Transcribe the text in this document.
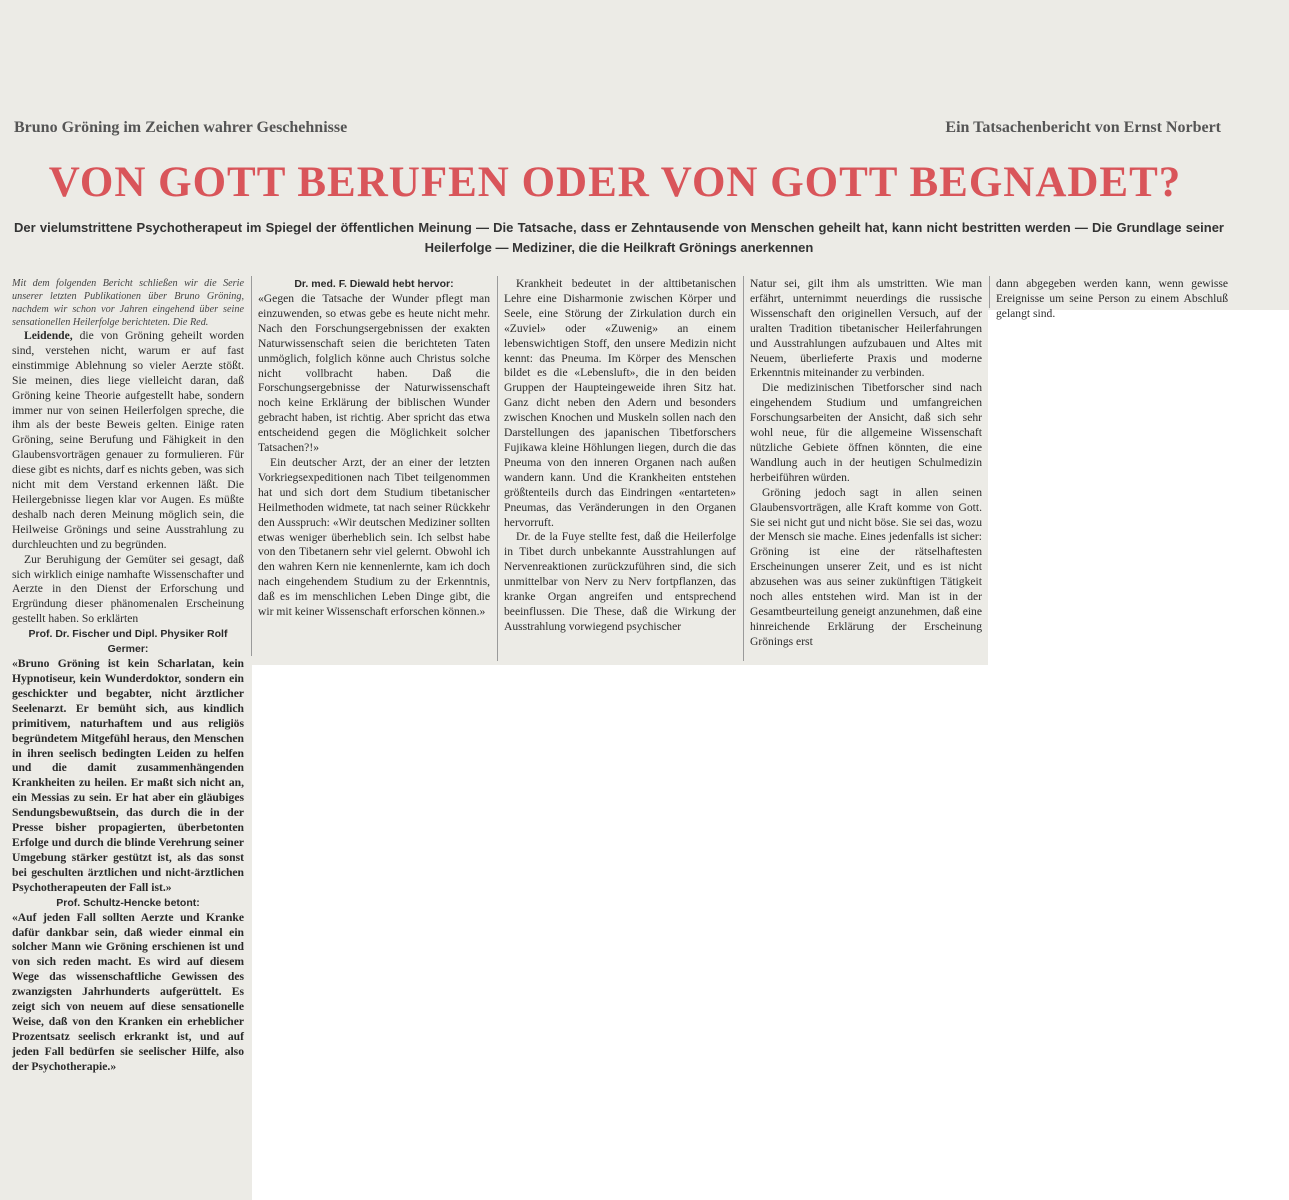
Bruno Gröning im Zeichen wahrer Geschehnisse	Ein Tatsachenbericht von Ernst Norbert
VON GOTT BERUFEN ODER VON GOTT BEGNADET?
Der vielumstrittene Psychotherapeut im Spiegel der öffentlichen Meinung — Die Tatsache, dass er Zehntausende von Menschen geheilt hat, kann nicht bestritten werden — Die Grundlage seiner Heilerfolge — Mediziner, die die Heilkraft Grönings anerkennen

Mit dem folgenden Bericht schließen wir die Serie unserer letzten Publikationen über Bruno Gröning, nachdem wir schon vor Jahren eingehend über seine sensationellen Heilerfolge berichteten. Die Red.

Leidende, die von Gröning geheilt worden sind, verstehen nicht, warum er auf fast einstimmige Ablehnung so vieler Aerzte stößt. Sie meinen, dies liege vielleicht daran, daß Gröning keine Theorie aufgestellt habe, sondern immer nur von seinen Heilerfolgen spreche, die ihm als der beste Beweis gelten. Einige raten Gröning, seine Berufung und Fähigkeit in den Glaubensvorträgen genauer zu formulieren. Für diese gibt es nichts, darf es nichts geben, was sich nicht mit dem Verstand erkennen läßt. Die Heilergebnisse liegen klar vor Augen. Es müßte deshalb nach deren Meinung möglich sein, die Heilweise Grönings und seine Ausstrahlung zu durchleuchten und zu begründen.

Zur Beruhigung der Gemüter sei gesagt, daß sich wirklich einige namhafte Wissenschafter und Aerzte in den Dienst der Erforschung und Ergründung dieser phänomenalen Erscheinung gestellt haben. So erklärten

Prof. Dr. Fischer und Dipl. Physiker Rolf Germer:

«Bruno Gröning ist kein Scharlatan, kein Hypnotiseur, kein Wunderdoktor, sondern ein geschickter und begabter, nicht ärztlicher Seelenarzt. Er bemüht sich, aus kindlich primitivem, naturhaftem und aus religiös begründetem Mitgefühl heraus, den Menschen in ihren seelisch bedingten Leiden zu helfen und die damit zusammenhängenden Krankheiten zu heilen. Er maßt sich nicht an, ein Messias zu sein. Er hat aber ein gläubiges Sendungsbewußtsein, das durch die in der Presse bisher propagierten, überbetonten Erfolge und durch die blinde Verehrung seiner Umgebung stärker gestützt ist, als das sonst bei geschulten ärztlichen und nicht-ärztlichen Psychotherapeuten der Fall ist.»

Prof. Schultz-Hencke betont:

«Auf jeden Fall sollten Aerzte und Kranke dafür dankbar sein, daß wieder einmal ein solcher Mann wie Gröning erschienen ist und von sich reden macht. Es wird auf diesem Wege das wissenschaftliche Gewissen des zwanzigsten Jahrhunderts aufgerüttelt. Es zeigt sich von neuem auf diese sensationelle Weise, daß von den Kranken ein erheblicher Prozentsatz seelisch erkrankt ist, und auf jeden Fall bedürfen sie seelischer Hilfe, also der Psychotherapie.»

Dr. med. F. Diewald hebt hervor:

«Gegen die Tatsache der Wunder pflegt man einzuwenden, so etwas gebe es heute nicht mehr. Nach den Forschungsergebnissen der exakten Naturwissenschaft seien die berichteten Taten unmöglich, folglich könne auch Christus solche nicht vollbracht haben. Daß die Forschungsergebnisse der Naturwissenschaft noch keine Erklärung der biblischen Wunder gebracht haben, ist richtig. Aber spricht das etwa entscheidend gegen die Möglichkeit solcher Tatsachen?!»

Ein deutscher Arzt, der an einer der letzten Vorkriegsexpeditionen nach Tibet teilgenommen hat und sich dort dem Studium tibetanischer Heilmethoden widmete, tat nach seiner Rückkehr den Ausspruch: «Wir deutschen Mediziner sollten etwas weniger überheblich sein. Ich selbst habe von den Tibetanern sehr viel gelernt. Obwohl ich den wahren Kern nie kennenlernte, kam ich doch nach eingehendem Studium zu der Erkenntnis, daß es im menschlichen Leben Dinge gibt, die wir mit keiner Wissenschaft erforschen können.»

Krankheit bedeutet in der alttibetanischen Lehre eine Disharmonie zwischen Körper und Seele, eine Störung der Zirkulation durch ein «Zuviel» oder «Zuwenig» an einem lebenswichtigen Stoff, den unsere Medizin nicht kennt: das Pneuma. Im Körper des Menschen bildet es die «Lebensluft», die in den beiden Gruppen der Haupteingeweide ihren Sitz hat. Ganz dicht neben den Adern und besonders zwischen Knochen und Muskeln sollen nach den Darstellungen des japanischen Tibetforschers Fujikawa kleine Höhlungen liegen, durch die das Pneuma von den inneren Organen nach außen wandern kann. Und die Krankheiten entstehen größtenteils durch das Eindringen «entarteten» Pneumas, das Veränderungen in den Organen hervorruft.

Dr. de la Fuye stellte fest, daß die Heilerfolge in Tibet durch unbekannte Ausstrahlungen auf Nervenreaktionen zurückzuführen sind, die sich unmittelbar von Nerv zu Nerv fortpflanzen, das kranke Organ angreifen und entsprechend beeinflussen. Die These, daß die Wirkung der Ausstrahlung vorwiegend psychischer

Natur sei, gilt ihm als umstritten. Wie man erfährt, unternimmt neuerdings die russische Wissenschaft den originellen Versuch, auf der uralten Tradition tibetanischer Heilerfahrungen und Ausstrahlungen aufzubauen und Altes mit Neuem, überlieferte Praxis und moderne Erkenntnis miteinander zu verbinden.

Die medizinischen Tibetforscher sind nach eingehendem Studium und umfangreichen Forschungsarbeiten der Ansicht, daß sich sehr wohl neue, für die allgemeine Wissenschaft nützliche Gebiete öffnen könnten, die eine Wandlung auch in der heutigen Schulmedizin herbeiführen würden.

Gröning jedoch sagt in allen seinen Glaubensvorträgen, alle Kraft komme von Gott. Sie sei nicht gut und nicht böse. Sie sei das, wozu der Mensch sie mache. Eines jedenfalls ist sicher: Gröning ist eine der rätselhaftesten Erscheinungen unserer Zeit, und es ist nicht abzusehen was aus seiner zukünftigen Tätigkeit noch alles entstehen wird. Man ist in der Gesamtbeurteilung geneigt anzunehmen, daß eine hinreichende Erklärung der Erscheinung Grönings erst

dann abgegeben werden kann, wenn gewisse Ereignisse um seine Person zu einem Abschluß gelangt sind.
